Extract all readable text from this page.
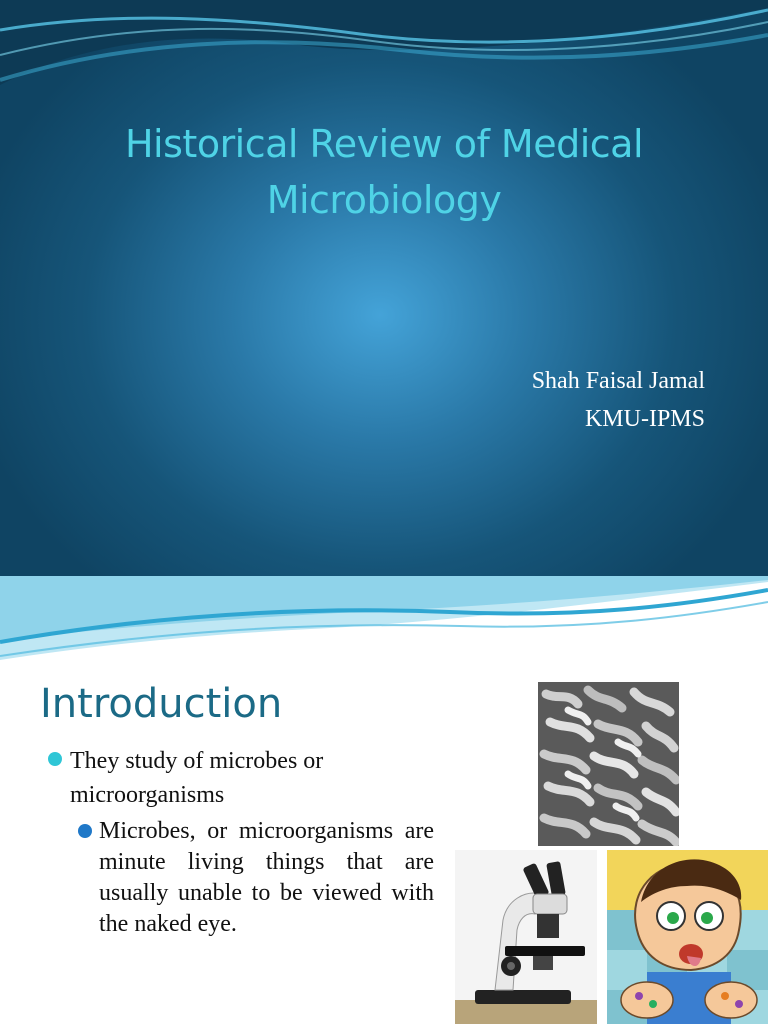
Historical Review of Medical Microbiology
Shah Faisal Jamal
KMU-IPMS
Introduction
They study of microbes or microorganisms
Microbes, or microorganisms are minute living things that are usually unable to be viewed with the naked eye.
